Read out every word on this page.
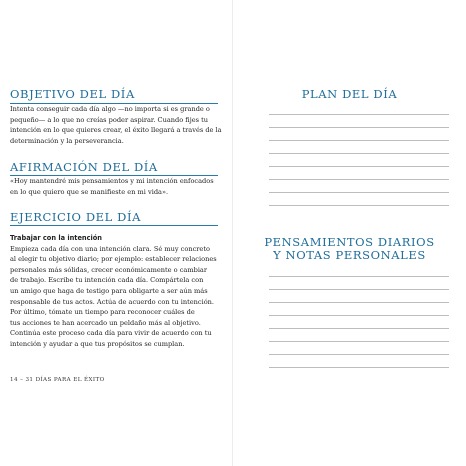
OBJETIVO DEL DÍA
Intenta conseguir cada día algo —no importa si es grande o
pequeño— a lo que no creías poder aspirar. Cuando fijes tu
intención en lo que quieres crear, el éxito llegará a través de la
determinación y la perseverancia.
AFIRMACIÓN DEL DÍA
«Hoy mantendré mis pensamientos y mi intención enfocados
en lo que quiero que se manifieste en mi vida».
EJERCICIO DEL DÍA
Trabajar con la intención
Empieza cada día con una intención clara. Sé muy concreto
al elegir tu objetivo diario; por ejemplo: establecer relaciones
personales más sólidas, crecer económicamente o cambiar
de trabajo. Escribe tu intención cada día. Compártela con
un amigo que haga de testigo para obligarte a ser aún más
responsable de tus actos. Actúa de acuerdo con tu intención.
Por último, tómate un tiempo para reconocer cuáles de
tus acciones te han acercado un peldaño más al objetivo.
Continúa este proceso cada día para vivir de acuerdo con tu
intención y ayudar a que tus propósitos se cumplan.
14 – 31 DÍAS PARA EL ÉXITO
PLAN DEL DÍA
PENSAMIENTOS DIARIOS
Y NOTAS PERSONALES
